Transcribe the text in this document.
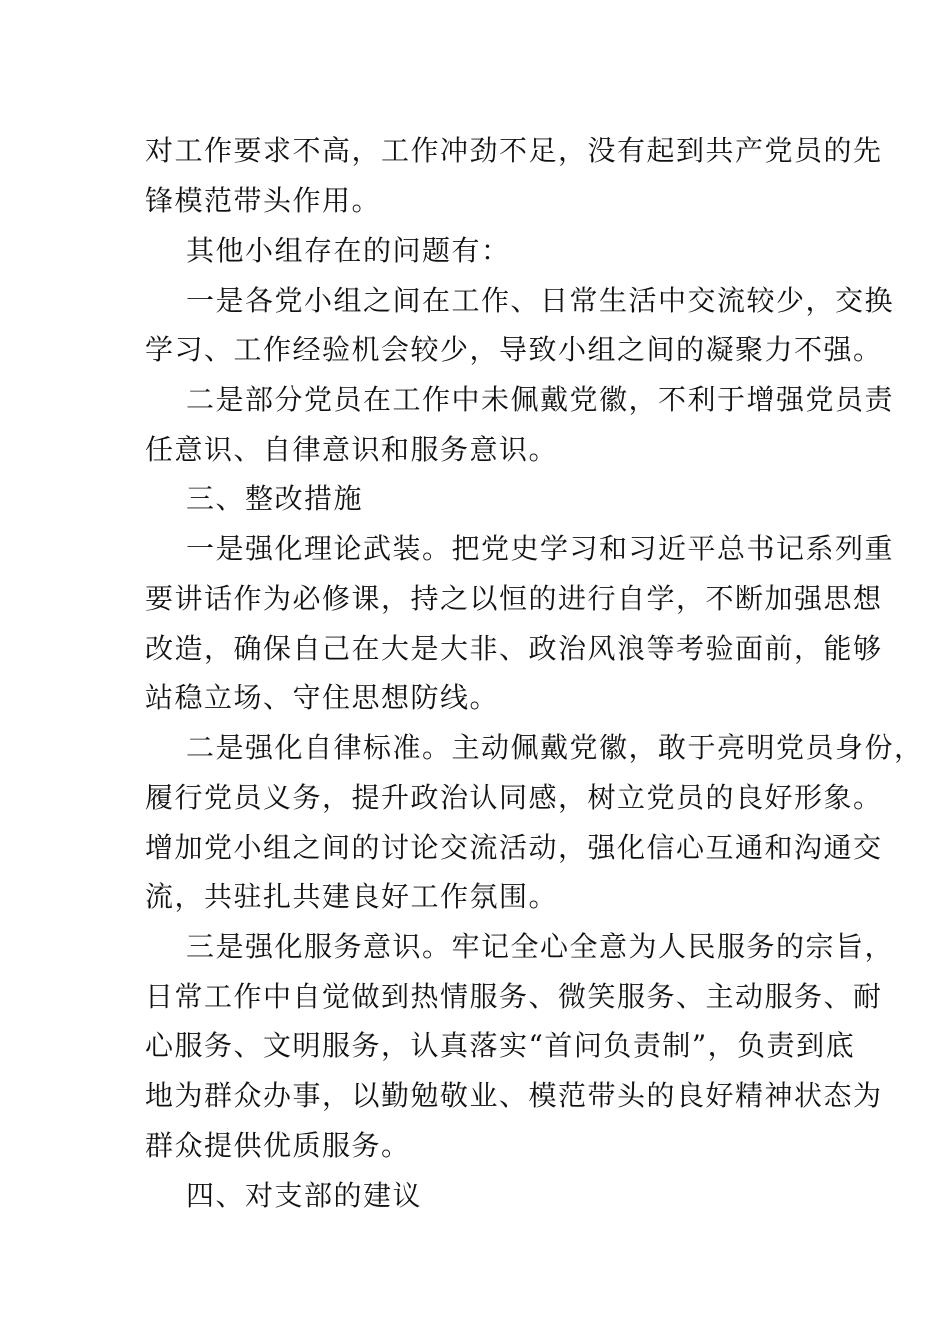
对工作要求不高，工作冲劲不足，没有起到共产党员的先
锋模范带头作用。
其他小组存在的问题有：
一是各党小组之间在工作、日常生活中交流较少，交换
学习、工作经验机会较少，导致小组之间的凝聚力不强。
二是部分党员在工作中未佩戴党徽，不利于增强党员责
任意识、自律意识和服务意识。
三、整改措施
一是强化理论武装。把党史学习和习近平总书记系列重
要讲话作为必修课，持之以恒的进行自学，不断加强思想
改造，确保自己在大是大非、政治风浪等考验面前，能够
站稳立场、守住思想防线。
二是强化自律标准。主动佩戴党徽，敢于亮明党员身份，
履行党员义务，提升政治认同感，树立党员的良好形象。
增加党小组之间的讨论交流活动，强化信心互通和沟通交
流，共驻扎共建良好工作氛围。
三是强化服务意识。牢记全心全意为人民服务的宗旨，
日常工作中自觉做到热情服务、微笑服务、主动服务、耐
心服务、文明服务，认真落实“首问负责制”，负责到底
地为群众办事，以勤勉敬业、模范带头的良好精神状态为
群众提供优质服务。
四、对支部的建议
